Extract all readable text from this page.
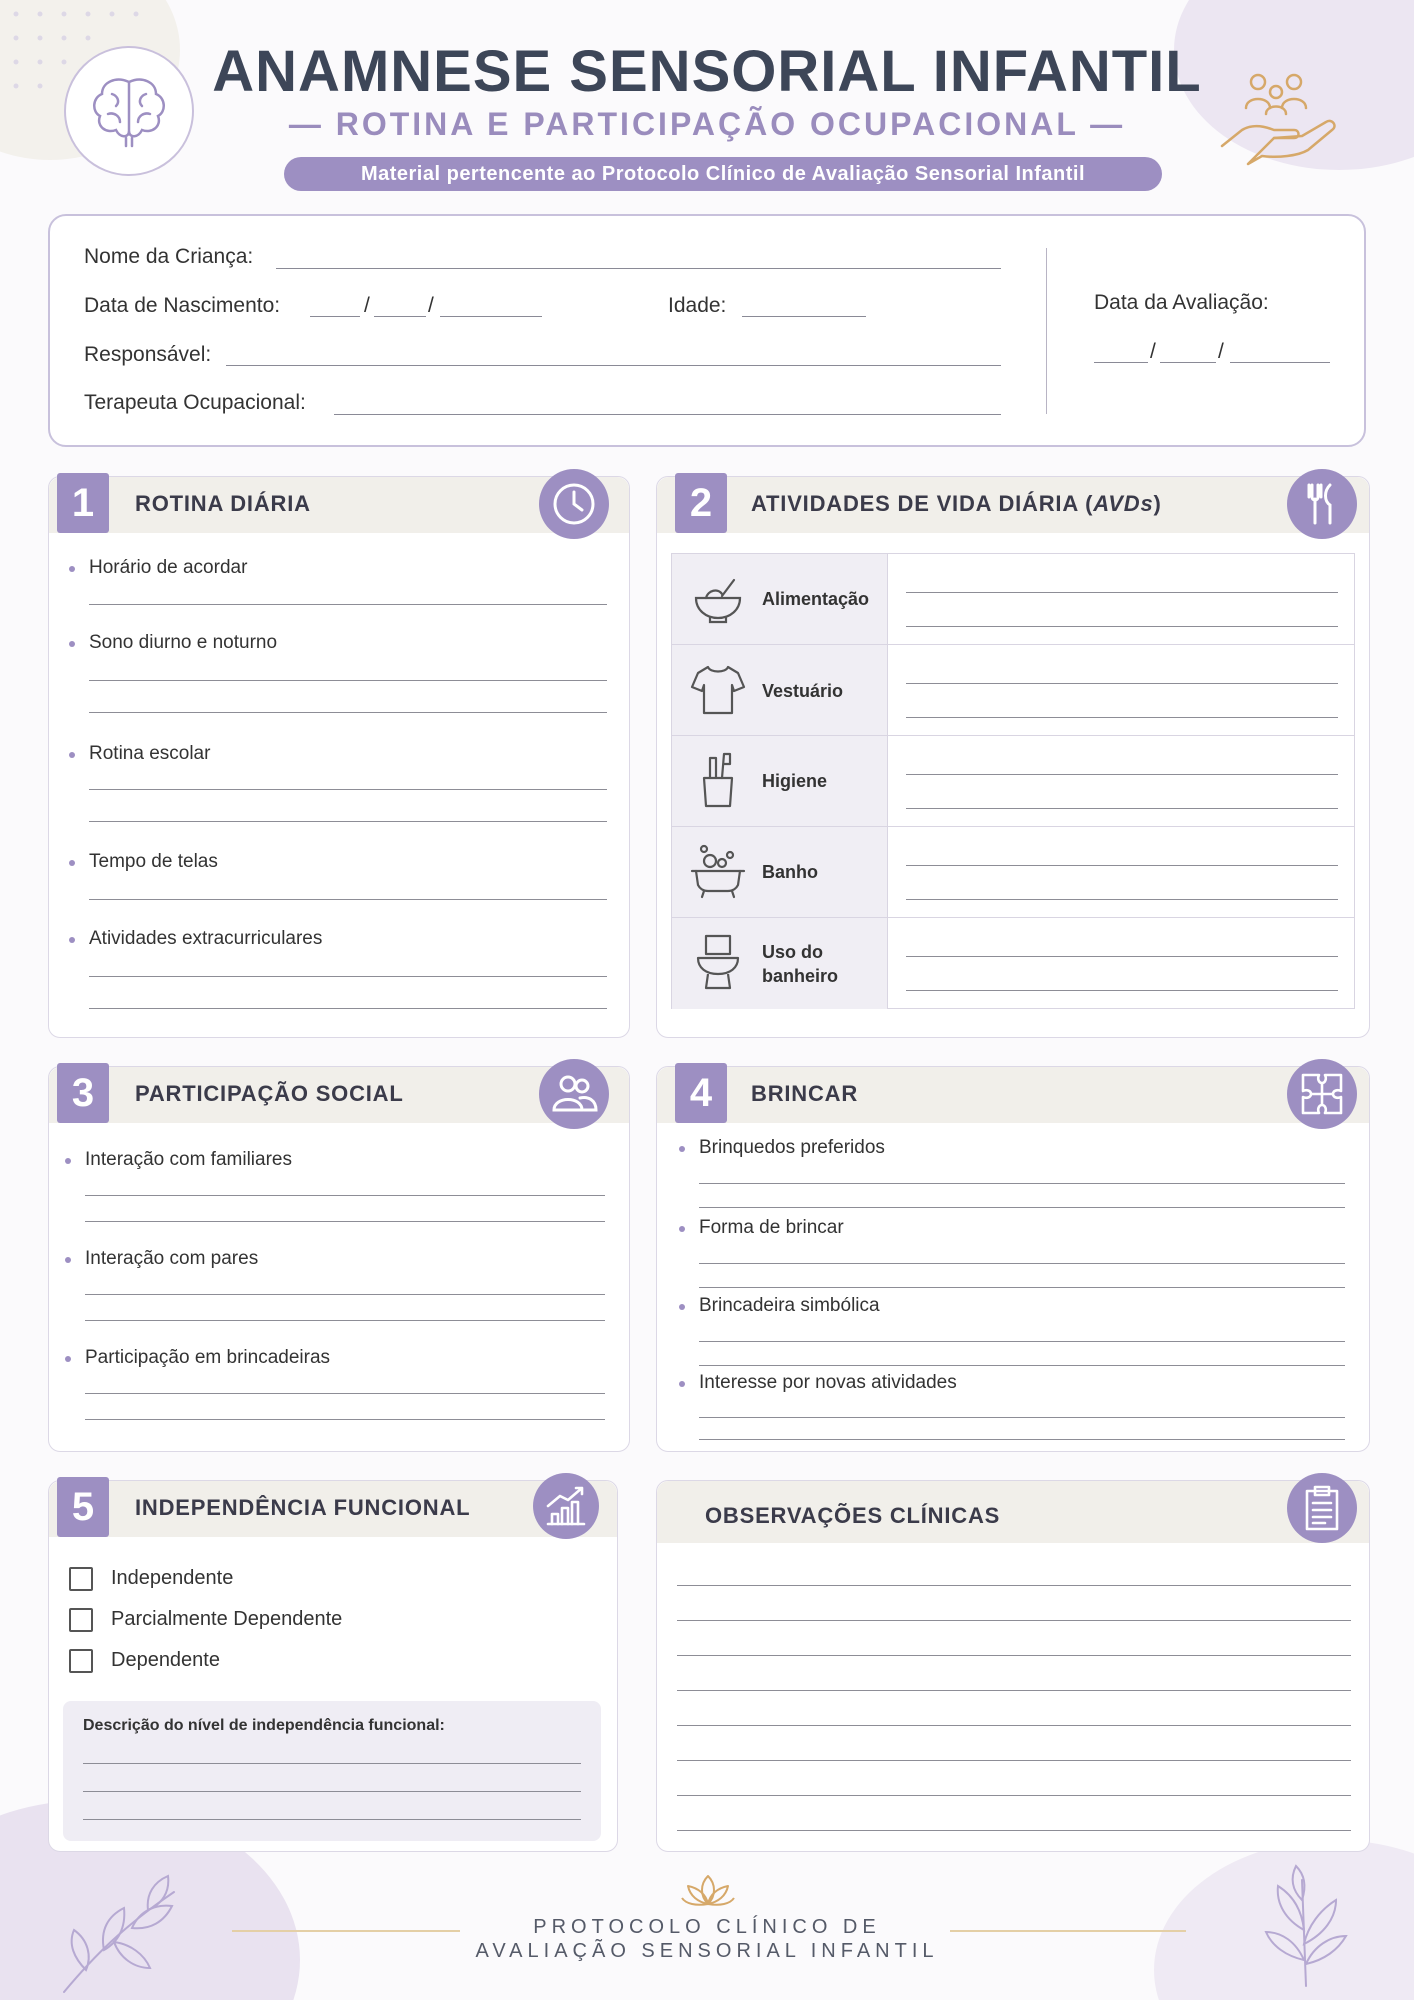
ANAMNESE SENSORIAL INFANTIL
— ROTINA E PARTICIPAÇÃO OCUPACIONAL —
Material pertencente ao Protocolo Clínico de Avaliação Sensorial Infantil
Nome da Criança:
Data de Nascimento:	/	/	Idade:
Responsável:
Terapeuta Ocupacional:
Data da Avaliação:
/	/
1	ROTINA DIÁRIA
Horário de acordar
Sono diurno e noturno
Rotina escolar
Tempo de telas
Atividades extracurriculares
2	ATIVIDADES DE VIDA DIÁRIA (AVDs)
Alimentação
Vestuário
Higiene
Banho
Uso do banheiro
3	PARTICIPAÇÃO SOCIAL
Interação com familiares
Interação com pares
Participação em brincadeiras
4	BRINCAR
Brinquedos preferidos
Forma de brincar
Brincadeira simbólica
Interesse por novas atividades
5	INDEPENDÊNCIA FUNCIONAL
Independente
Parcialmente Dependente
Dependente
Descrição do nível de independência funcional:
OBSERVAÇÕES CLÍNICAS
PROTOCOLO CLÍNICO DE
AVALIAÇÃO SENSORIAL INFANTIL
